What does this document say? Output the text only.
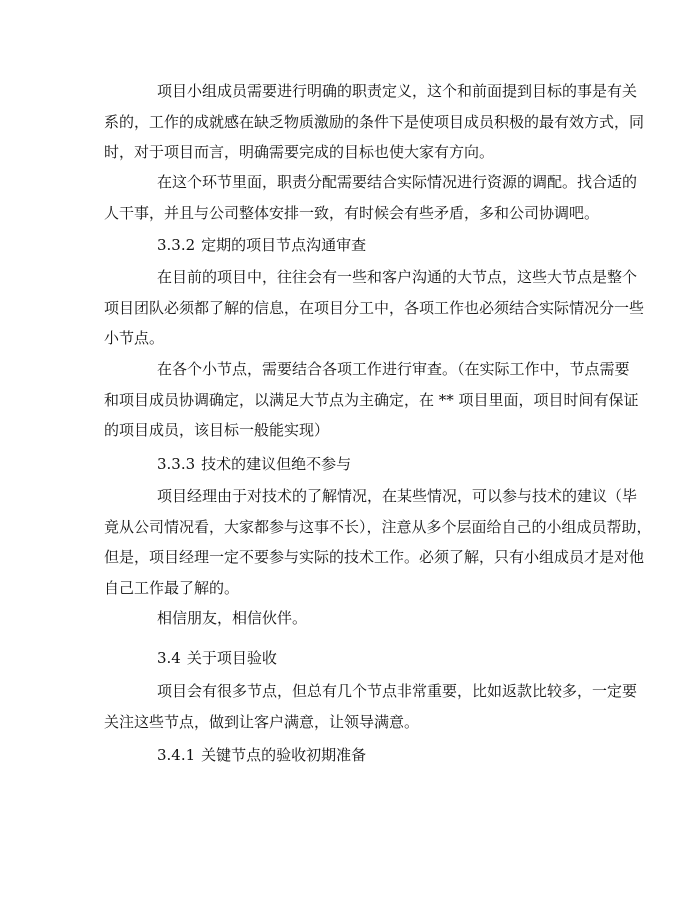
项目小组成员需要进行明确的职责定义，这个和前面提到目标的事是有关
系的，工作的成就感在缺乏物质激励的条件下是使项目成员积极的最有效方式，同
时，对于项目而言，明确需要完成的目标也使大家有方向。
在这个环节里面，职责分配需要结合实际情况进行资源的调配。找合适的
人干事，并且与公司整体安排一致，有时候会有些矛盾，多和公司协调吧。
3.3.2 定期的项目节点沟通审查
在目前的项目中，往往会有一些和客户沟通的大节点，这些大节点是整个
项目团队必须都了解的信息，在项目分工中，各项工作也必须结合实际情况分一些
小节点。
在各个小节点，需要结合各项工作进行审查。（在实际工作中，节点需要
和项目成员协调确定，以满足大节点为主确定，在 ** 项目里面，项目时间有保证
的项目成员，该目标一般能实现）
3.3.3 技术的建议但绝不参与
项目经理由于对技术的了解情况，在某些情况，可以参与技术的建议（毕
竟从公司情况看，大家都参与这事不长），注意从多个层面给自己的小组成员帮助，
但是，项目经理一定不要参与实际的技术工作。必须了解，只有小组成员才是对他
自己工作最了解的。
相信朋友，相信伙伴。
3.4 关于项目验收
项目会有很多节点，但总有几个节点非常重要，比如返款比较多，一定要
关注这些节点，做到让客户满意，让领导满意。
3.4.1 关键节点的验收初期准备
